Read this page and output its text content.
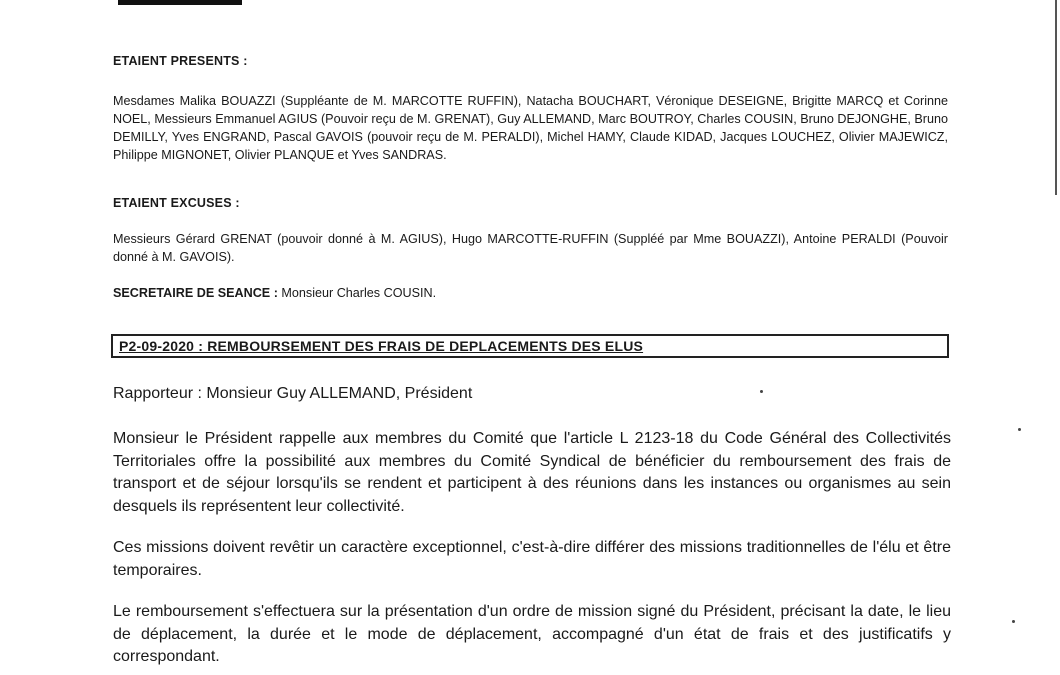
ETAIENT PRESENTS :
Mesdames Malika BOUAZZI (Suppléante de M. MARCOTTE RUFFIN), Natacha BOUCHART, Véronique DESEIGNE, Brigitte MARCQ et Corinne NOEL, Messieurs Emmanuel AGIUS (Pouvoir reçu de M. GRENAT), Guy ALLEMAND, Marc BOUTROY, Charles COUSIN, Bruno DEJONGHE, Bruno DEMILLY, Yves ENGRAND, Pascal GAVOIS (pouvoir reçu de M. PERALDI), Michel HAMY, Claude KIDAD, Jacques LOUCHEZ, Olivier MAJEWICZ, Philippe MIGNONET, Olivier PLANQUE et Yves SANDRAS.
ETAIENT EXCUSES :
Messieurs Gérard GRENAT (pouvoir donné à M. AGIUS), Hugo MARCOTTE-RUFFIN (Suppléé par Mme BOUAZZI), Antoine PERALDI (Pouvoir donné à M. GAVOIS).
SECRETAIRE DE SEANCE : Monsieur Charles COUSIN.
P2-09-2020 : REMBOURSEMENT DES FRAIS DE DEPLACEMENTS DES ELUS
Rapporteur : Monsieur Guy ALLEMAND, Président
Monsieur le Président rappelle aux membres du Comité que l'article L 2123-18 du Code Général des Collectivités Territoriales offre la possibilité aux membres du Comité Syndical de bénéficier du remboursement des frais de transport et de séjour lorsqu'ils se rendent et participent à des réunions dans les instances ou organismes au sein desquels ils représentent leur collectivité.
Ces missions doivent revêtir un caractère exceptionnel, c'est-à-dire différer des missions traditionnelles de l'élu et être temporaires.
Le remboursement s'effectuera sur la présentation d'un ordre de mission signé du Président, précisant la date, le lieu de déplacement, la durée et le mode de déplacement, accompagné d'un état de frais et des justificatifs y correspondant.
